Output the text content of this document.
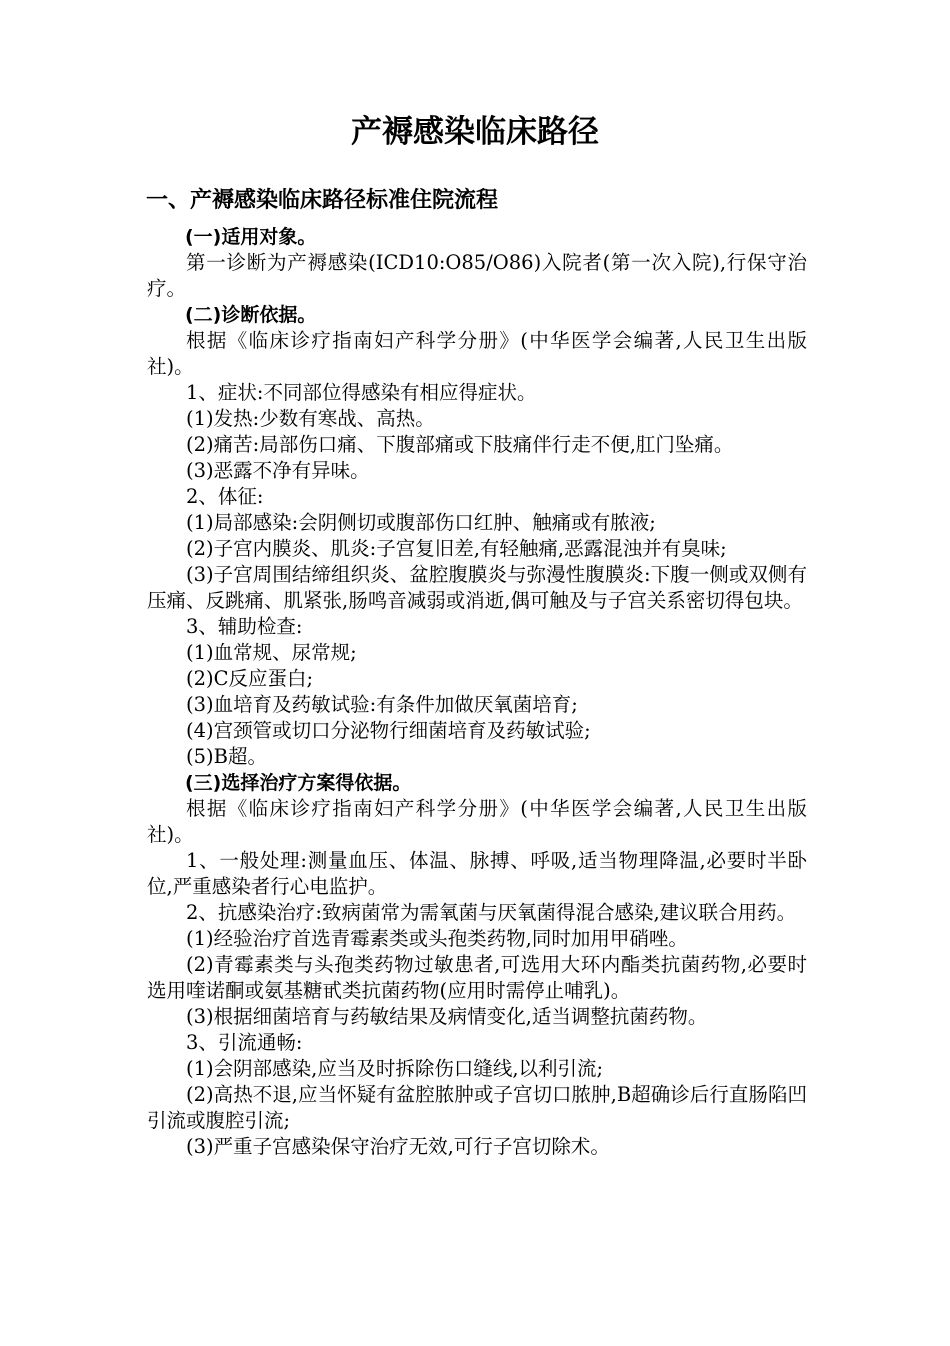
产褥感染临床路径
一、产褥感染临床路径标准住院流程

(一)适用对象。

第一诊断为产褥感染(ICD10:O85/O86)入院者(第一次入院),行保守治疗。

(二)诊断依据。

根据《临床诊疗指南妇产科学分册》(中华医学会编著,人民卫生出版社)。

1、症状:不同部位得感染有相应得症状。

(1)发热:少数有寒战、高热。

(2)痛苦:局部伤口痛、下腹部痛或下肢痛伴行走不便,肛门坠痛。

(3)恶露不净有异味。

2、体征:

(1)局部感染:会阴侧切或腹部伤口红肿、触痛或有脓液;

(2)子宫内膜炎、肌炎:子宫复旧差,有轻触痛,恶露混浊并有臭味;

(3)子宫周围结缔组织炎、盆腔腹膜炎与弥漫性腹膜炎:下腹一侧或双侧有压痛、反跳痛、肌紧张,肠鸣音减弱或消逝,偶可触及与子宫关系密切得包块。

3、辅助检查:

(1)血常规、尿常规;

(2)C反应蛋白;

(3)血培育及药敏试验:有条件加做厌氧菌培育;

(4)宫颈管或切口分泌物行细菌培育及药敏试验;

(5)B超。

(三)选择治疗方案得依据。

根据《临床诊疗指南妇产科学分册》(中华医学会编著,人民卫生出版社)。

1、一般处理:测量血压、体温、脉搏、呼吸,适当物理降温,必要时半卧位,严重感染者行心电监护。

2、抗感染治疗:致病菌常为需氧菌与厌氧菌得混合感染,建议联合用药。

(1)经验治疗首选青霉素类或头孢类药物,同时加用甲硝唑。

(2)青霉素类与头孢类药物过敏患者,可选用大环内酯类抗菌药物,必要时选用喹诺酮或氨基糖甙类抗菌药物(应用时需停止哺乳)。

(3)根据细菌培育与药敏结果及病情变化,适当调整抗菌药物。

3、引流通畅:

(1)会阴部感染,应当及时拆除伤口缝线,以利引流;

(2)高热不退,应当怀疑有盆腔脓肿或子宫切口脓肿,B超确诊后行直肠陷凹引流或腹腔引流;

(3)严重子宫感染保守治疗无效,可行子宫切除术。
